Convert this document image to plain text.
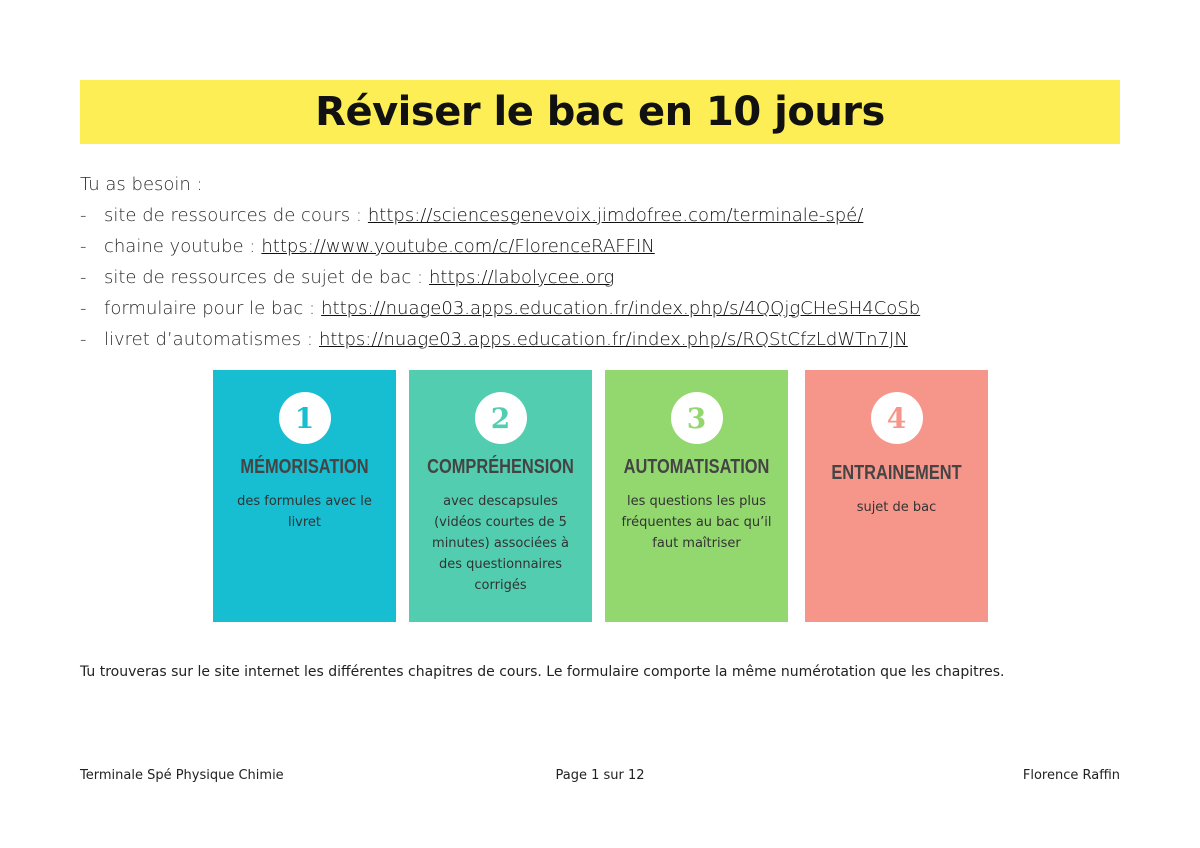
Réviser le bac en 10 jours
Tu as besoin :
- site de ressources de cours : https://sciencesgenevoix.jimdofree.com/terminale-spé/
- chaine youtube : https://www.youtube.com/c/FlorenceRAFFIN
- site de ressources de sujet de bac : https://labolycee.org
- formulaire pour le bac : https://nuage03.apps.education.fr/index.php/s/4QQjgCHeSH4CoSb
- livret d’automatismes : https://nuage03.apps.education.fr/index.php/s/RQStCfzLdWTn7JN
1
MÉMORISATION
des formules avec le livret
2
COMPRÉHENSION
avec descapsules (vidéos courtes de 5 minutes) associées à des questionnaires corrigés
3
AUTOMATISATION
les questions les plus fréquentes au bac qu’il faut maîtriser
4
ENTRAINEMENT
sujet de bac
Tu trouveras sur le site internet les différentes chapitres de cours. Le formulaire comporte la même numérotation que les chapitres.
Terminale Spé Physique Chimie	Page 1 sur 12	Florence Raffin
